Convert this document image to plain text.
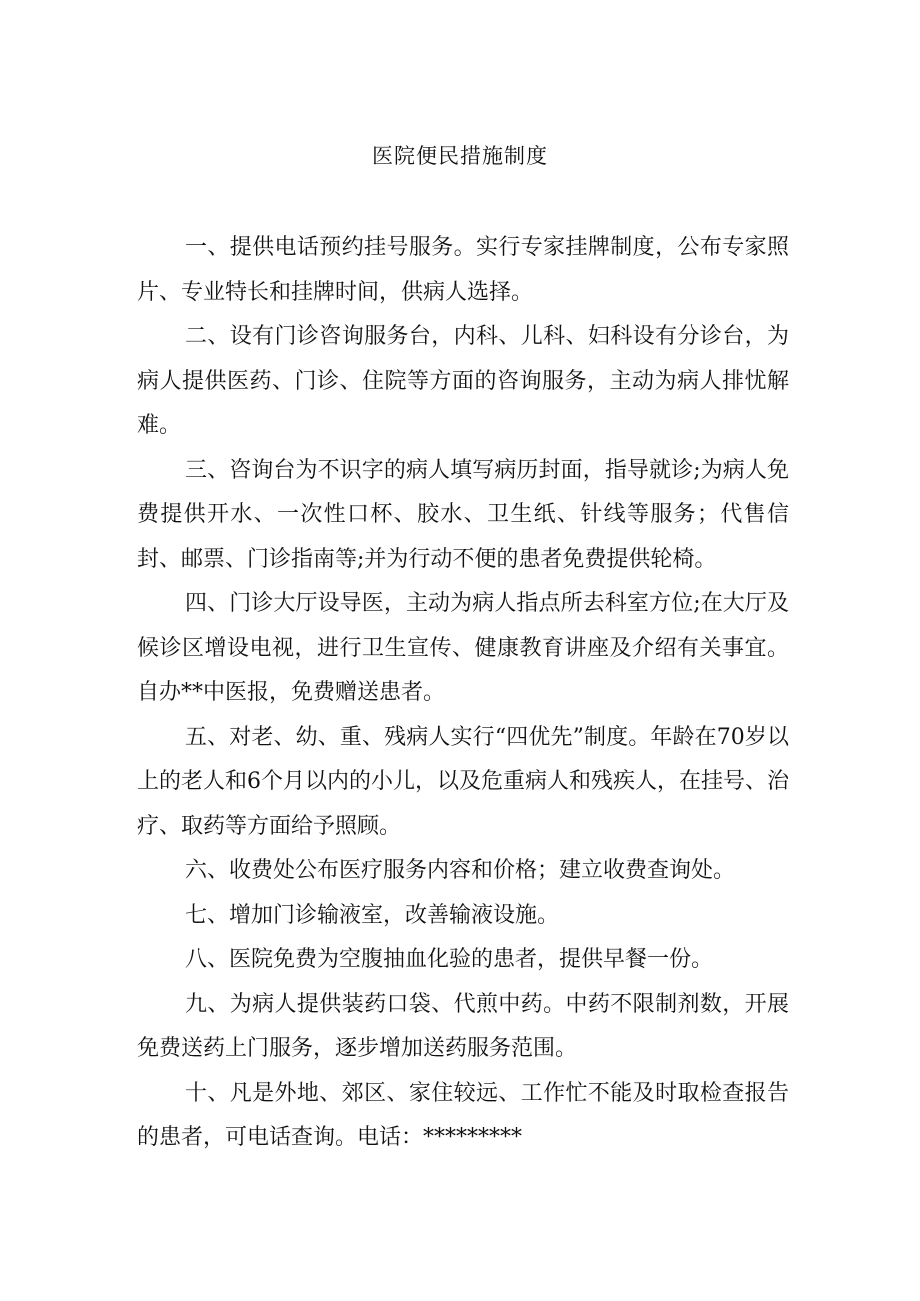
医院便民措施制度

一、提供电话预约挂号服务。实行专家挂牌制度，公布专家照片、专业特长和挂牌时间，供病人选择。

二、设有门诊咨询服务台，内科、儿科、妇科设有分诊台，为病人提供医药、门诊、住院等方面的咨询服务，主动为病人排忧解难。

三、咨询台为不识字的病人填写病历封面，指导就诊;为病人免费提供开水、一次性口杯、胶水、卫生纸、针线等服务；代售信封、邮票、门诊指南等;并为行动不便的患者免费提供轮椅。

四、门诊大厅设导医，主动为病人指点所去科室方位;在大厅及候诊区增设电视，进行卫生宣传、健康教育讲座及介绍有关事宜。自办**中医报，免费赠送患者。

五、对老、幼、重、残病人实行“四优先”制度。年龄在70岁以上的老人和6个月以内的小儿，以及危重病人和残疾人，在挂号、治疗、取药等方面给予照顾。

六、收费处公布医疗服务内容和价格；建立收费查询处。

七、增加门诊输液室，改善输液设施。

八、医院免费为空腹抽血化验的患者，提供早餐一份。

九、为病人提供装药口袋、代煎中药。中药不限制剂数，开展免费送药上门服务，逐步增加送药服务范围。

十、凡是外地、郊区、家住较远、工作忙不能及时取检查报告的患者，可电话查询。电话：*********
